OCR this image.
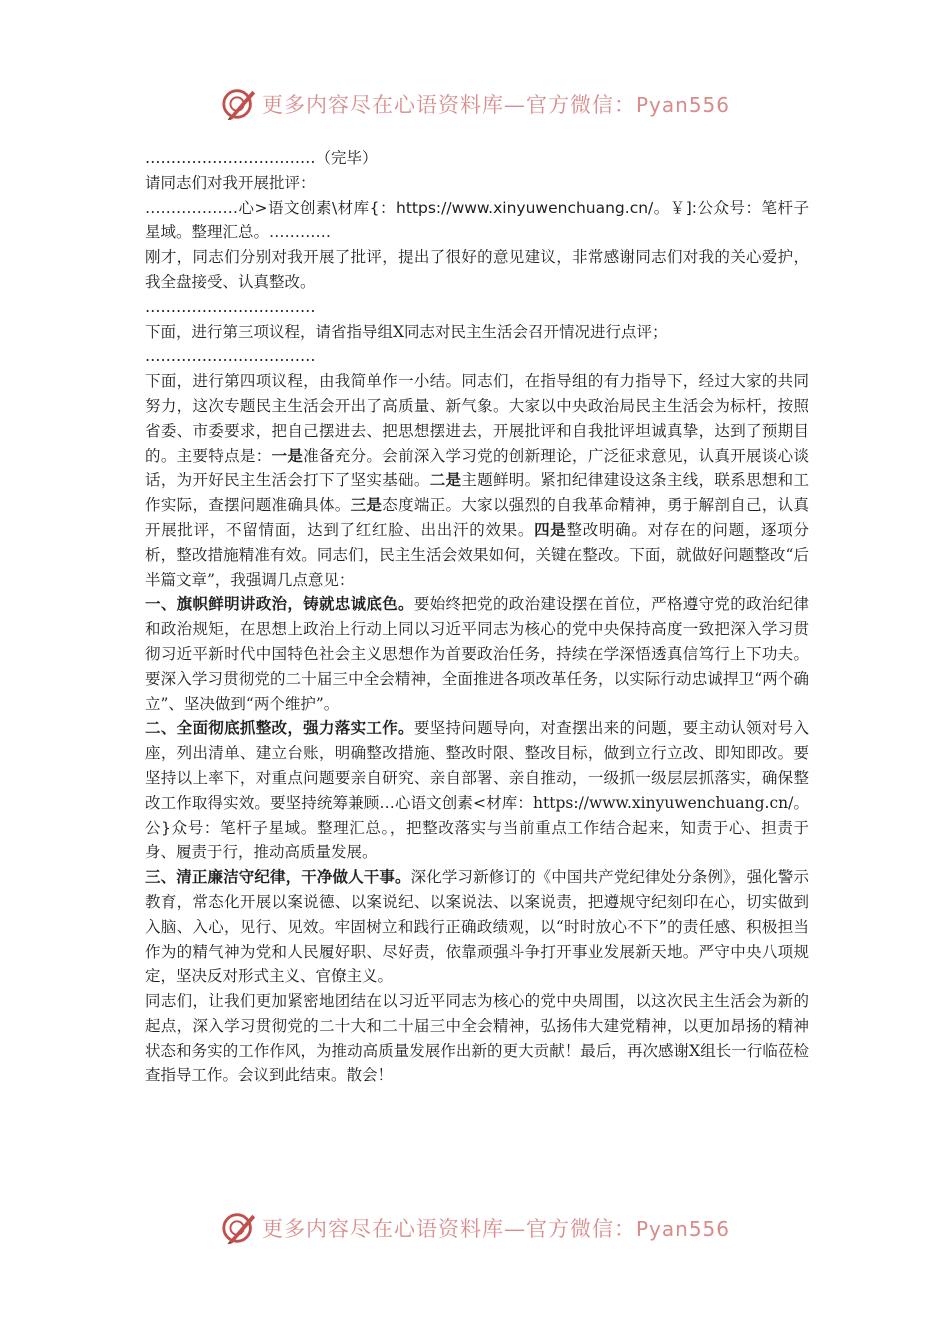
更多内容尽在心语资料库—官方微信：Pyan556

……………………………（完毕）

请同志们对我开展批评：

………………心>语文创素\材库{：https://www.xinyuwenchuang.cn/。￥]:公众号：笔杆子星域。整理汇总。…………

刚才，同志们分别对我开展了批评，提出了很好的意见建议，非常感谢同志们对我的关心爱护，我全盘接受、认真整改。

……………………………

下面，进行第三项议程，请省指导组X同志对民主生活会召开情况进行点评；

……………………………

下面，进行第四项议程，由我简单作一小结。同志们，在指导组的有力指导下，经过大家的共同努力，这次专题民主生活会开出了高质量、新气象。大家以中央政治局民主生活会为标杆，按照省委、市委要求，把自己摆进去、把思想摆进去，开展批评和自我批评坦诚真挚，达到了预期目的。主要特点是：一是准备充分。会前深入学习党的创新理论，广泛征求意见，认真开展谈心谈话，为开好民主生活会打下了坚实基础。二是主题鲜明。紧扣纪律建设这条主线，联系思想和工作实际，查摆问题准确具体。三是态度端正。大家以强烈的自我革命精神，勇于解剖自己，认真开展批评，不留情面，达到了红红脸、出出汗的效果。四是整改明确。对存在的问题，逐项分析，整改措施精准有效。同志们，民主生活会效果如何，关键在整改。下面，就做好问题整改“后半篇文章”，我强调几点意见：

一、旗帜鲜明讲政治，铸就忠诚底色。要始终把党的政治建设摆在首位，严格遵守党的政治纪律和政治规矩，在思想上政治上行动上同以习近平同志为核心的党中央保持高度一致把深入学习贯彻习近平新时代中国特色社会主义思想作为首要政治任务，持续在学深悟透真信笃行上下功夫。要深入学习贯彻党的二十届三中全会精神，全面推进各项改革任务，以实际行动忠诚捍卫“两个确立”、坚决做到“两个维护”。

二、全面彻底抓整改，强力落实工作。要坚持问题导向，对查摆出来的问题，要主动认领对号入座，列出清单、建立台账，明确整改措施、整改时限、整改目标，做到立行立改、即知即改。要坚持以上率下，对重点问题要亲自研究、亲自部署、亲自推动，一级抓一级层层抓落实，确保整改工作取得实效。要坚持统筹兼顾…心语文创素<材库：https://www.xinyuwenchuang.cn/。公}众号：笔杆子星域。整理汇总。，把整改落实与当前重点工作结合起来，知责于心、担责于身、履责于行，推动高质量发展。

三、清正廉洁守纪律，干净做人干事。深化学习新修订的《中国共产党纪律处分条例》，强化警示教育，常态化开展以案说德、以案说纪、以案说法、以案说责，把遵规守纪刻印在心，切实做到入脑、入心，见行、见效。牢固树立和践行正确政绩观，以“时时放心不下”的责任感、积极担当作为的精气神为党和人民履好职、尽好责，依靠顽强斗争打开事业发展新天地。严守中央八项规定，坚决反对形式主义、官僚主义。

同志们，让我们更加紧密地团结在以习近平同志为核心的党中央周围，以这次民主生活会为新的起点，深入学习贯彻党的二十大和二十届三中全会精神，弘扬伟大建党精神，以更加昂扬的精神状态和务实的工作作风，为推动高质量发展作出新的更大贡献！最后，再次感谢X组长一行临莅检查指导工作。会议到此结束。散会！

更多内容尽在心语资料库—官方微信：Pyan556
